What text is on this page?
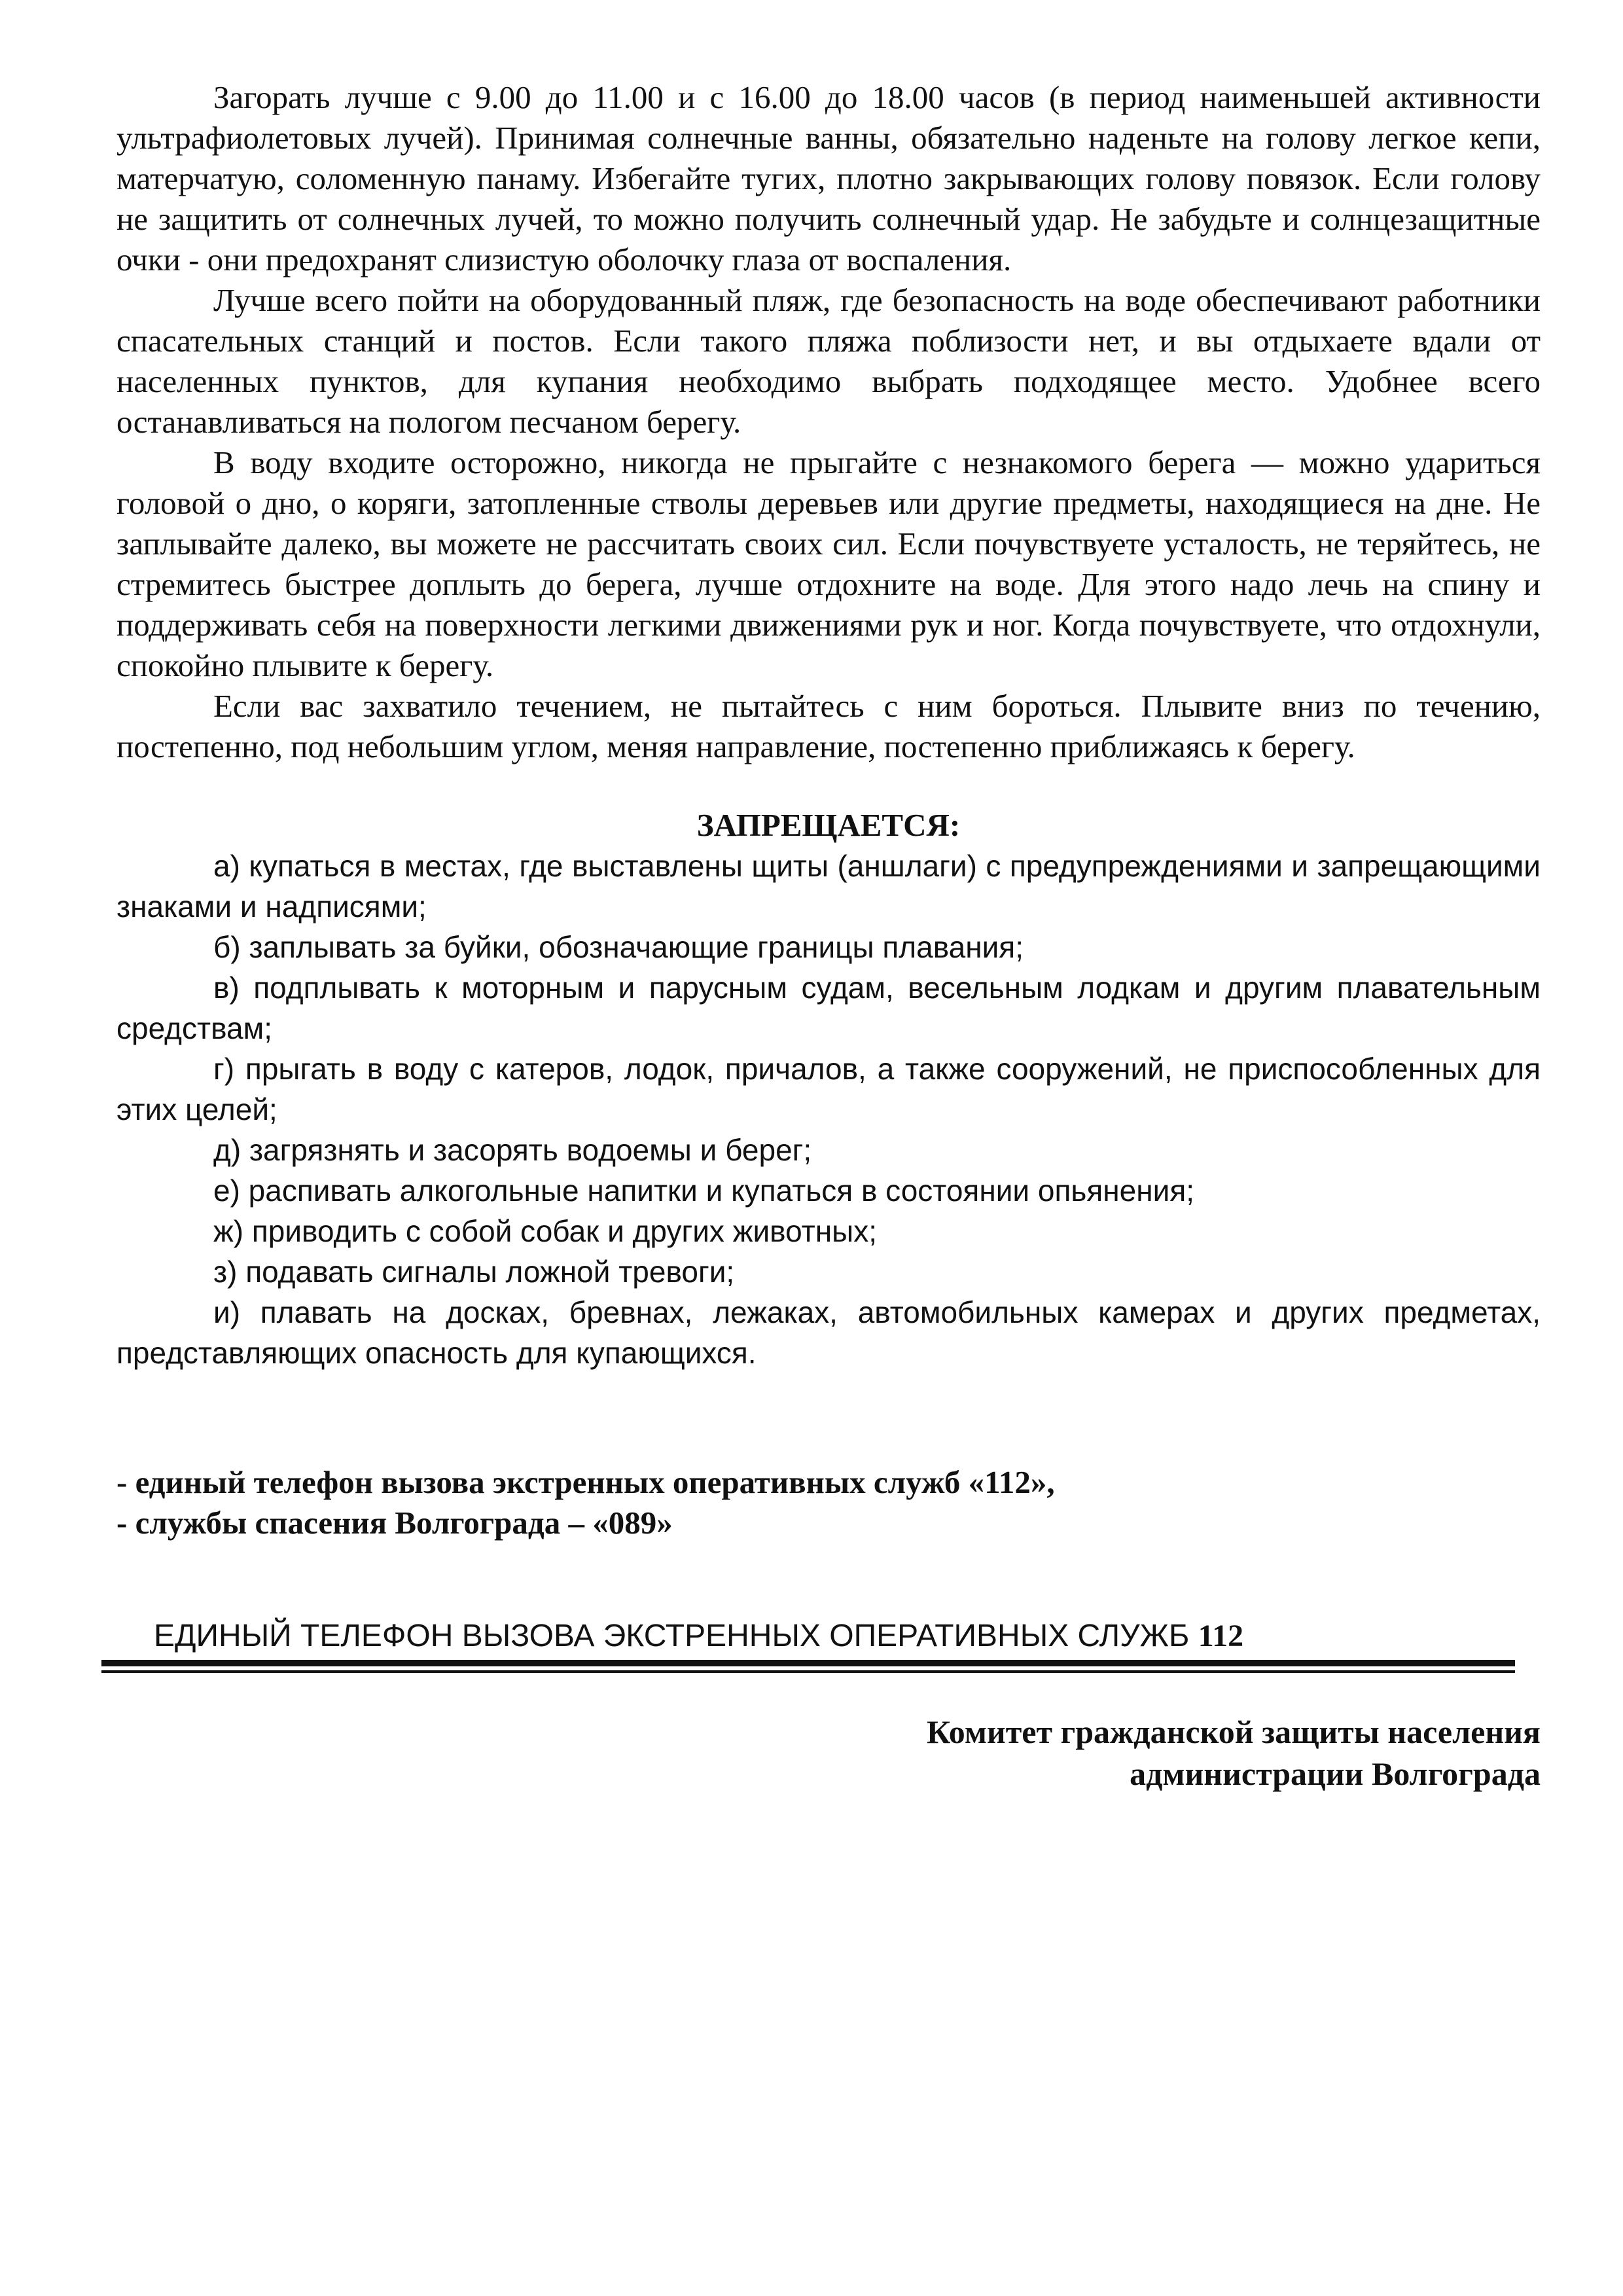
Загорать лучше с 9.00 до 11.00 и с 16.00 до 18.00 часов (в период наименьшей активности ультрафиолетовых лучей). Принимая солнечные ванны, обязательно наденьте на голову легкое кепи, матерчатую, соломенную панаму. Избегайте тугих, плотно закрывающих голову повязок. Если голову не защитить от солнечных лучей, то можно получить солнечный удар. Не забудьте и солнцезащитные очки - они предохранят слизистую оболочку глаза от воспаления.

Лучше всего пойти на оборудованный пляж, где безопасность на воде обеспечивают работники спасательных станций и постов. Если такого пляжа поблизости нет, и вы отдыхаете вдали от населенных пунктов, для купания необходимо выбрать подходящее место. Удобнее всего останавливаться на пологом песчаном берегу.

В воду входите осторожно, никогда не прыгайте с незнакомого берега — можно удариться головой о дно, о коряги, затопленные стволы деревьев или другие предметы, находящиеся на дне. Не заплывайте далеко, вы можете не рассчитать своих сил. Если почувствуете усталость, не теряйтесь, не стремитесь быстрее доплыть до берега, лучше отдохните на воде. Для этого надо лечь на спину и поддерживать себя на поверхности легкими движениями рук и ног. Когда почувствуете, что отдохнули, спокойно плывите к берегу.

Если вас захватило течением, не пытайтесь с ним бороться. Плывите вниз по течению, постепенно, под небольшим углом, меняя направление, постепенно приближаясь к берегу.

ЗАПРЕЩАЕТСЯ:

а) купаться в местах, где выставлены щиты (аншлаги) с предупреждениями и запрещающими знаками и надписями;

б) заплывать за буйки, обозначающие границы плавания;

в) подплывать к моторным и парусным судам, весельным лодкам и другим плавательным средствам;

г) прыгать в воду с катеров, лодок, причалов, а также сооружений, не приспособленных для этих целей;

д) загрязнять и засорять водоемы и берег;

е) распивать алкогольные напитки и купаться в состоянии опьянения;

ж) приводить с собой собак и других животных;

з) подавать сигналы ложной тревоги;

и) плавать на досках, бревнах, лежаках, автомобильных камерах и других предметах, представляющих опасность для купающихся.

- единый телефон вызова экстренных оперативных служб «112»,
- службы спасения Волгограда – «089»
ЕДИНЫЙ ТЕЛЕФОН ВЫЗОВА ЭКСТРЕННЫХ ОПЕРАТИВНЫХ СЛУЖБ 112
Комитет гражданской защиты населения
администрации Волгограда
